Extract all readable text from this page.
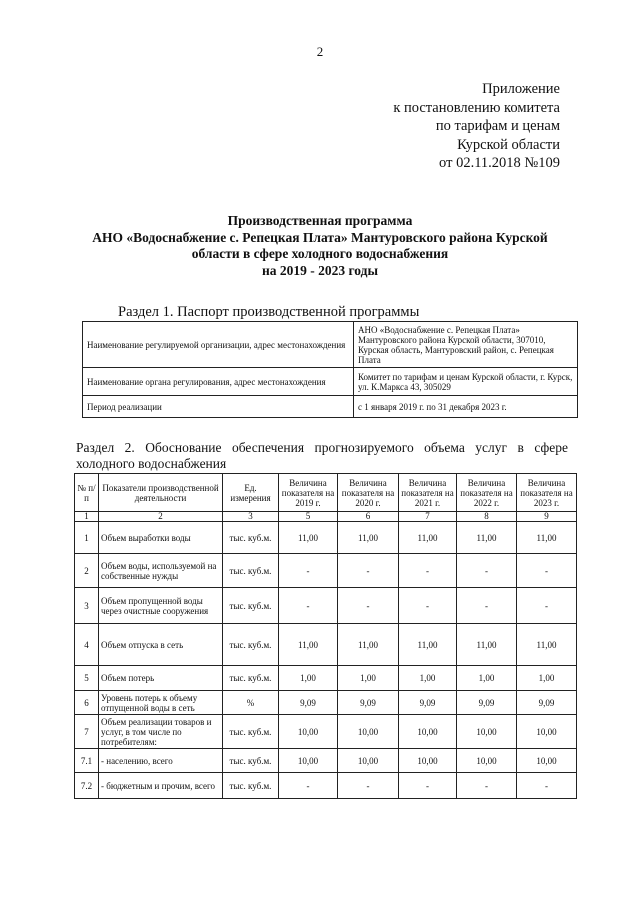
2
Приложение
к постановлению комитета
по тарифам и ценам
Курской области
от 02.11.2018 №109
Производственная программа
АНО «Водоснабжение с. Репецкая Плата» Мантуровского района Курской
области в сфере холодного водоснабжения
на 2019 - 2023 годы
Раздел 1. Паспорт производственной программы
Наименование регулируемой организации, адрес местонахождения	АНО «Водоснабжение с. Репецкая Плата» Мантуровского района Курской области, 307010, Курская область, Мантуровский район, с. Репецкая Плата
Наименование органа регулирования, адрес местонахождения	Комитет по тарифам и ценам Курской области, г. Курск, ул. К.Маркса 43, 305029
Период реализации	с 1 января 2019 г. по 31 декабря 2023 г.
Раздел 2. Обоснование обеспечения прогнозируемого объема услуг в сфере холодного водоснабжения
№ п/п	Показатели производственной деятельности	Ед. измерения	Величина показателя на 2019 г.	Величина показателя на 2020 г.	Величина показателя на 2021 г.	Величина показателя на 2022 г.	Величина показателя на 2023 г.
1	2	3	5	6	7	8	9
1	Объем выработки воды	тыс. куб.м.	11,00	11,00	11,00	11,00	11,00
2	Объем воды, используемой на собственные нужды	тыс. куб.м.	-	-	-	-	-
3	Объем пропущенной воды через очистные сооружения	тыс. куб.м.	-	-	-	-	-
4	Объем отпуска в сеть	тыс. куб.м.	11,00	11,00	11,00	11,00	11,00
5	Объем потерь	тыс. куб.м.	1,00	1,00	1,00	1,00	1,00
6	Уровень потерь к объему отпущенной воды в сеть	%	9,09	9,09	9,09	9,09	9,09
7	Объем реализации товаров и услуг, в том числе по потребителям:	тыс. куб.м.	10,00	10,00	10,00	10,00	10,00
7.1	- населению, всего	тыс. куб.м.	10,00	10,00	10,00	10,00	10,00
7.2	- бюджетным и прочим, всего	тыс. куб.м.	-	-	-	-	-
